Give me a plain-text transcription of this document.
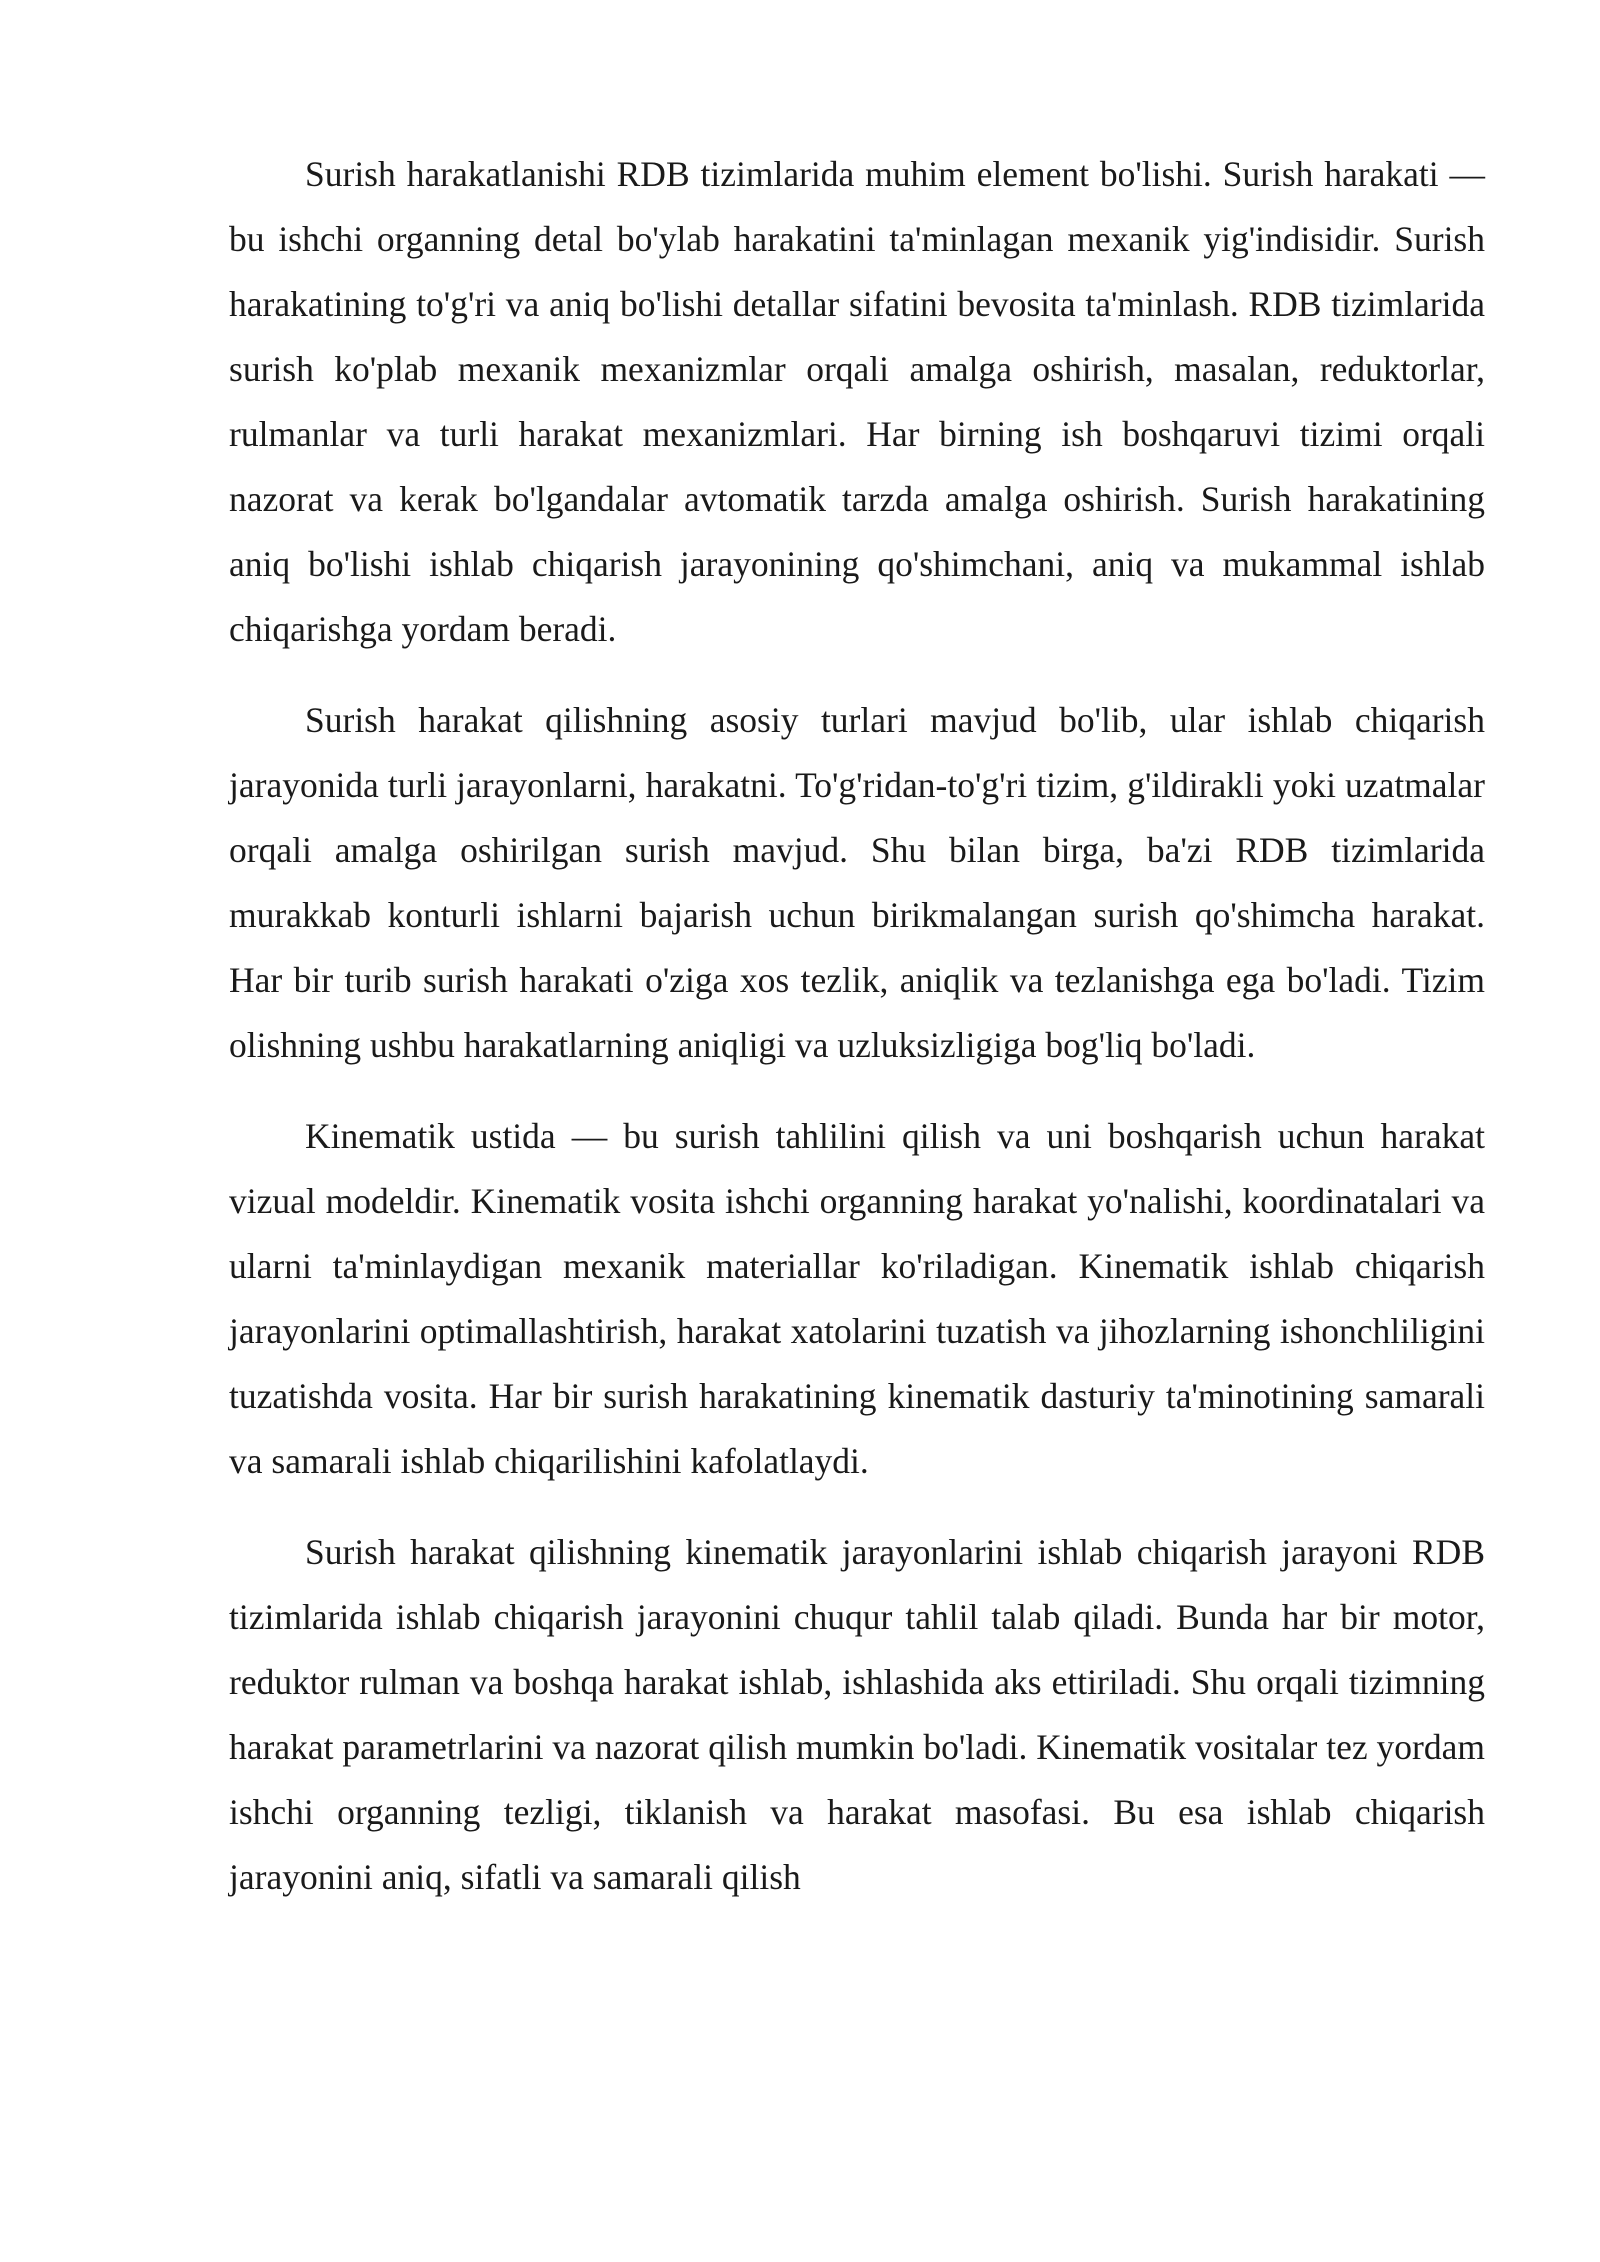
Surish harakatlanishi RDB tizimlarida muhim element bo'lishi. Surish harakati — bu ishchi organning detal bo'ylab harakatini ta'minlagan mexanik yig'indisidir. Surish harakatining to'g'ri va aniq bo'lishi detallar sifatini bevosita ta'minlash. RDB tizimlarida surish ko'plab mexanik mexanizmlar orqali amalga oshirish, masalan, reduktorlar, rulmanlar va turli harakat mexanizmlari. Har birning ish boshqaruvi tizimi orqali nazorat va kerak bo'lgandalar avtomatik tarzda amalga oshirish. Surish harakatining aniq bo'lishi ishlab chiqarish jarayonining qo'shimchani, aniq va mukammal ishlab chiqarishga yordam beradi.

Surish harakat qilishning asosiy turlari mavjud bo'lib, ular ishlab chiqarish jarayonida turli jarayonlarni, harakatni. To'g'ridan-to'g'ri tizim, g'ildirakli yoki uzatmalar orqali amalga oshirilgan surish mavjud. Shu bilan birga, ba'zi RDB tizimlarida murakkab konturli ishlarni bajarish uchun birikmalangan surish qo'shimcha harakat. Har bir turib surish harakati o'ziga xos tezlik, aniqlik va tezlanishga ega bo'ladi. Tizim olishning ushbu harakatlarning aniqligi va uzluksizligiga bog'liq bo'ladi.

Kinematik ustida — bu surish tahlilini qilish va uni boshqarish uchun harakat vizual modeldir. Kinematik vosita ishchi organning harakat yo'nalishi, koordinatalari va ularni ta'minlaydigan mexanik materiallar ko'riladigan. Kinematik ishlab chiqarish jarayonlarini optimallashtirish, harakat xatolarini tuzatish va jihozlarning ishonchliligini tuzatishda vosita. Har bir surish harakatining kinematik dasturiy ta'minotining samarali va samarali ishlab chiqarilishini kafolatlaydi.

Surish harakat qilishning kinematik jarayonlarini ishlab chiqarish jarayoni RDB tizimlarida ishlab chiqarish jarayonini chuqur tahlil talab qiladi. Bunda har bir motor, reduktor rulman va boshqa harakat ishlab, ishlashida aks ettiriladi. Shu orqali tizimning harakat parametrlarini va nazorat qilish mumkin bo'ladi. Kinematik vositalar tez yordam ishchi organning tezligi, tiklanish va harakat masofasi. Bu esa ishlab chiqarish jarayonini aniq, sifatli va samarali qilish
